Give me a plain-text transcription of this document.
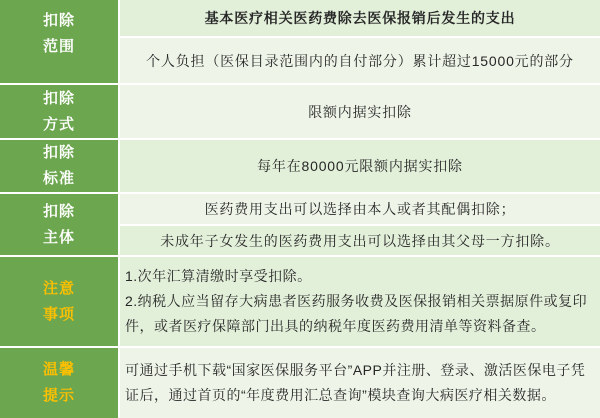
扣除
范围
基本医疗相关医药费除去医保报销后发生的支出
个人负担（医保目录范围内的自付部分）累计超过15000元的部分
扣除
方式
限额内据实扣除
扣除
标准
每年在80000元限额内据实扣除
扣除
主体
医药费用支出可以选择由本人或者其配偶扣除；
未成年子女发生的医药费用支出可以选择由其父母一方扣除。
注意
事项
1.次年汇算清缴时享受扣除。
2.纳税人应当留存大病患者医药服务收费及医保报销相关票据原件或复印件，或者医疗保障部门出具的纳税年度医药费用清单等资料备查。
温馨
提示
可通过手机下载“国家医保服务平台”APP并注册、登录、激活医保电子凭证后，通过首页的“年度费用汇总查询”模块查询大病医疗相关数据。
